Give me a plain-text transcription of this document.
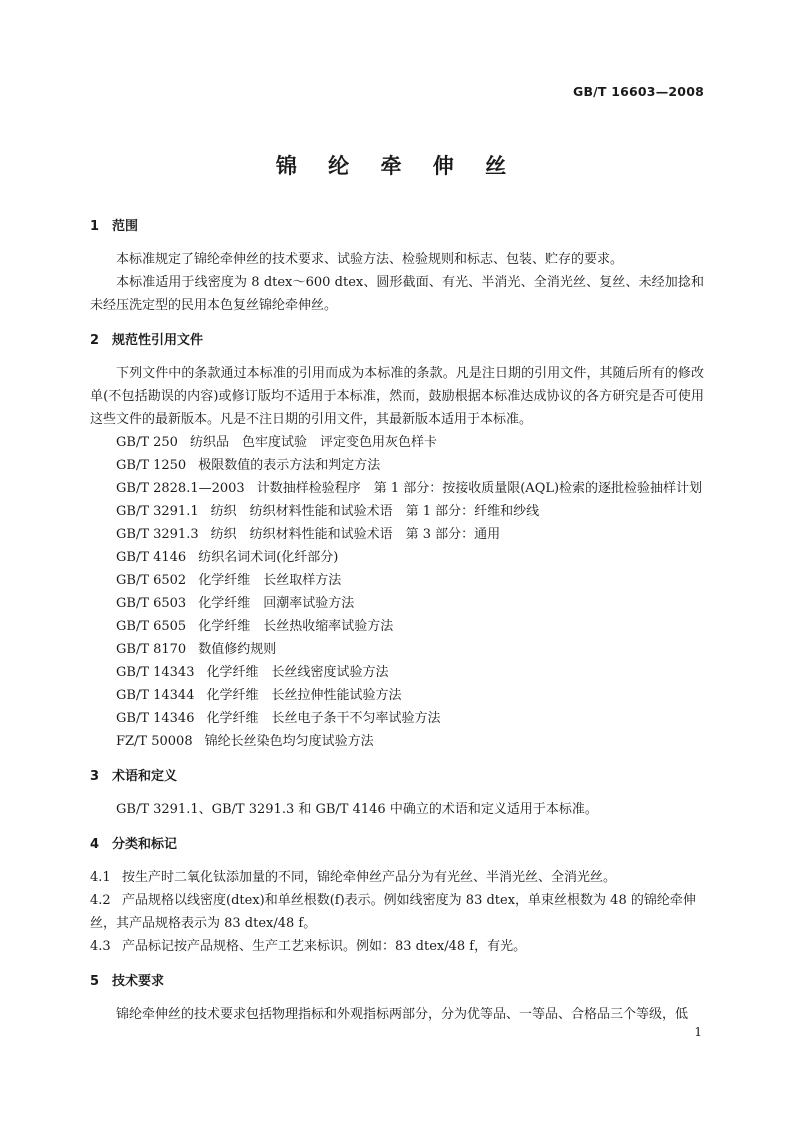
GB/T 16603—2008
锦 纶 牵 伸 丝

1 范围

本标准规定了锦纶牵伸丝的技术要求、试验方法、检验规则和标志、包装、贮存的要求。

本标准适用于线密度为 8 dtex～600 dtex、圆形截面、有光、半消光、全消光丝、复丝、未经加捻和未经压洗定型的民用本色复丝锦纶牵伸丝。

2 规范性引用文件

下列文件中的条款通过本标准的引用而成为本标准的条款。凡是注日期的引用文件，其随后所有的修改单(不包括勘误的内容)或修订版均不适用于本标准，然而，鼓励根据本标准达成协议的各方研究是否可使用这些文件的最新版本。凡是不注日期的引用文件，其最新版本适用于本标准。

GB/T 250 纺织品　色牢度试验　评定变色用灰色样卡

GB/T 1250 极限数值的表示方法和判定方法

GB/T 2828.1—2003 计数抽样检验程序　第 1 部分：按接收质量限(AQL)检索的逐批检验抽样计划

GB/T 3291.1 纺织　纺织材料性能和试验术语　第 1 部分：纤维和纱线

GB/T 3291.3 纺织　纺织材料性能和试验术语　第 3 部分：通用

GB/T 4146 纺织名词术词(化纤部分)

GB/T 6502 化学纤维　长丝取样方法

GB/T 6503 化学纤维　回潮率试验方法

GB/T 6505 化学纤维　长丝热收缩率试验方法

GB/T 8170 数值修约规则

GB/T 14343 化学纤维　长丝线密度试验方法

GB/T 14344 化学纤维　长丝拉伸性能试验方法

GB/T 14346 化学纤维　长丝电子条干不匀率试验方法

FZ/T 50008 锦纶长丝染色均匀度试验方法

3 术语和定义

GB/T 3291.1、GB/T 3291.3 和 GB/T 4146 中确立的术语和定义适用于本标准。

4 分类和标记

4.1 按生产时二氧化钛添加量的不同，锦纶牵伸丝产品分为有光丝、半消光丝、全消光丝。

4.2 产品规格以线密度(dtex)和单丝根数(f)表示。例如线密度为 83 dtex，单束丝根数为 48 的锦纶牵伸丝，其产品规格表示为 83 dtex/48 f。

4.3 产品标记按产品规格、生产工艺来标识。例如：83 dtex/48 f，有光。

5 技术要求

锦纶牵伸丝的技术要求包括物理指标和外观指标两部分，分为优等品、一等品、合格品三个等级，低

1
